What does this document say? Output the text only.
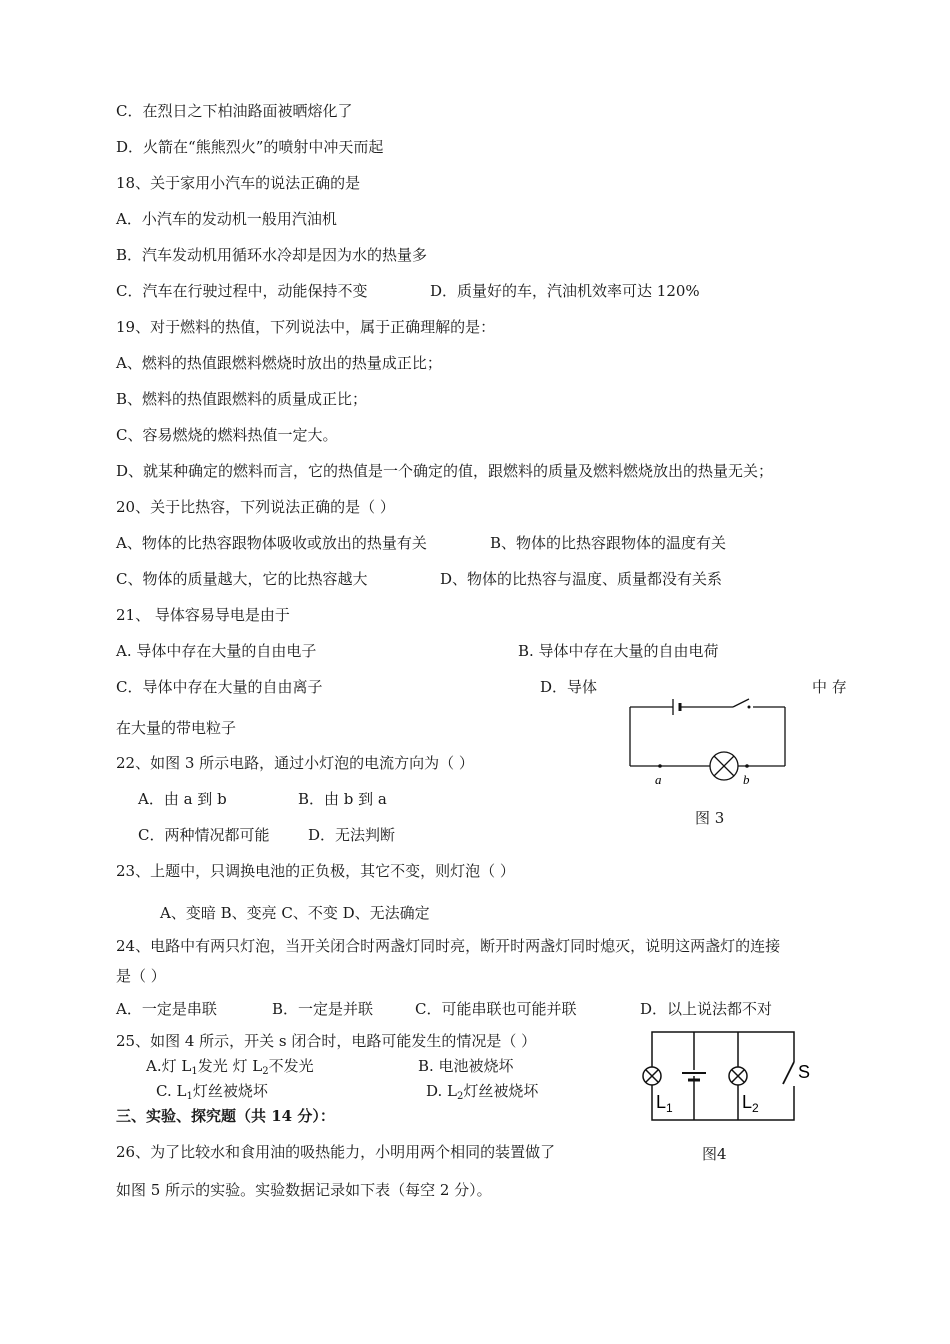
C．在烈日之下柏油路面被晒熔化了
D．火箭在“熊熊烈火”的喷射中冲天而起
18、关于家用小汽车的说法正确的是
A．小汽车的发动机一般用汽油机
B．汽车发动机用循环水冷却是因为水的热量多
C．汽车在行驶过程中，动能保持不变	D．质量好的车，汽油机效率可达 120%
19、对于燃料的热值，下列说法中，属于正确理解的是：
A、燃料的热值跟燃料燃烧时放出的热量成正比；
B、燃料的热值跟燃料的质量成正比；
C、容易燃烧的燃料热值一定大。
D、就某种确定的燃料而言，它的热值是一个确定的值，跟燃料的质量及燃料燃烧放出的热量无关；
20、关于比热容，下列说法正确的是（ ）
A、物体的比热容跟物体吸收或放出的热量有关	B、物体的比热容跟物体的温度有关
C、物体的质量越大，它的比热容越大	D、物体的比热容与温度、质量都没有关系
21、 导体容易导电是由于
A. 导体中存在大量的自由电子	B. 导体中存在大量的自由电荷
C．导体中存在大量的自由离子	D．导体	中 存
在大量的带电粒子
a	b
图 3
22、如图 3 所示电路，通过小灯泡的电流方向为（ ）
A．由 a 到 b	B．由 b 到 a
C．两种情况都可能	D．无法判断
23、上题中，只调换电池的正负极，其它不变，则灯泡（ ）
A、变暗 B、变亮 C、不变 D、无法确定
24、电路中有两只灯泡，当开关闭合时两盏灯同时亮，断开时两盏灯同时熄灭，说明这两盏灯的连接
是（ ）
A．一定是串联	B．一定是并联	C．可能串联也可能并联	D．以上说法都不对
25、如图 4 所示，开关 s 闭合时，电路可能发生的情况是（ ）
A.灯 $L_1$发光 灯 $L_2$不发光	B. 电池被烧坏
C. $L_1$灯丝被烧坏	D. $L_2$灯丝被烧坏
S
$L_1$	$L_2$
三、实验、探究题（共 14 分）：
26、为了比较水和食用油的吸热能力，小明用两个相同的装置做了	图4
如图 5 所示的实验。实验数据记录如下表（每空 2 分）。
